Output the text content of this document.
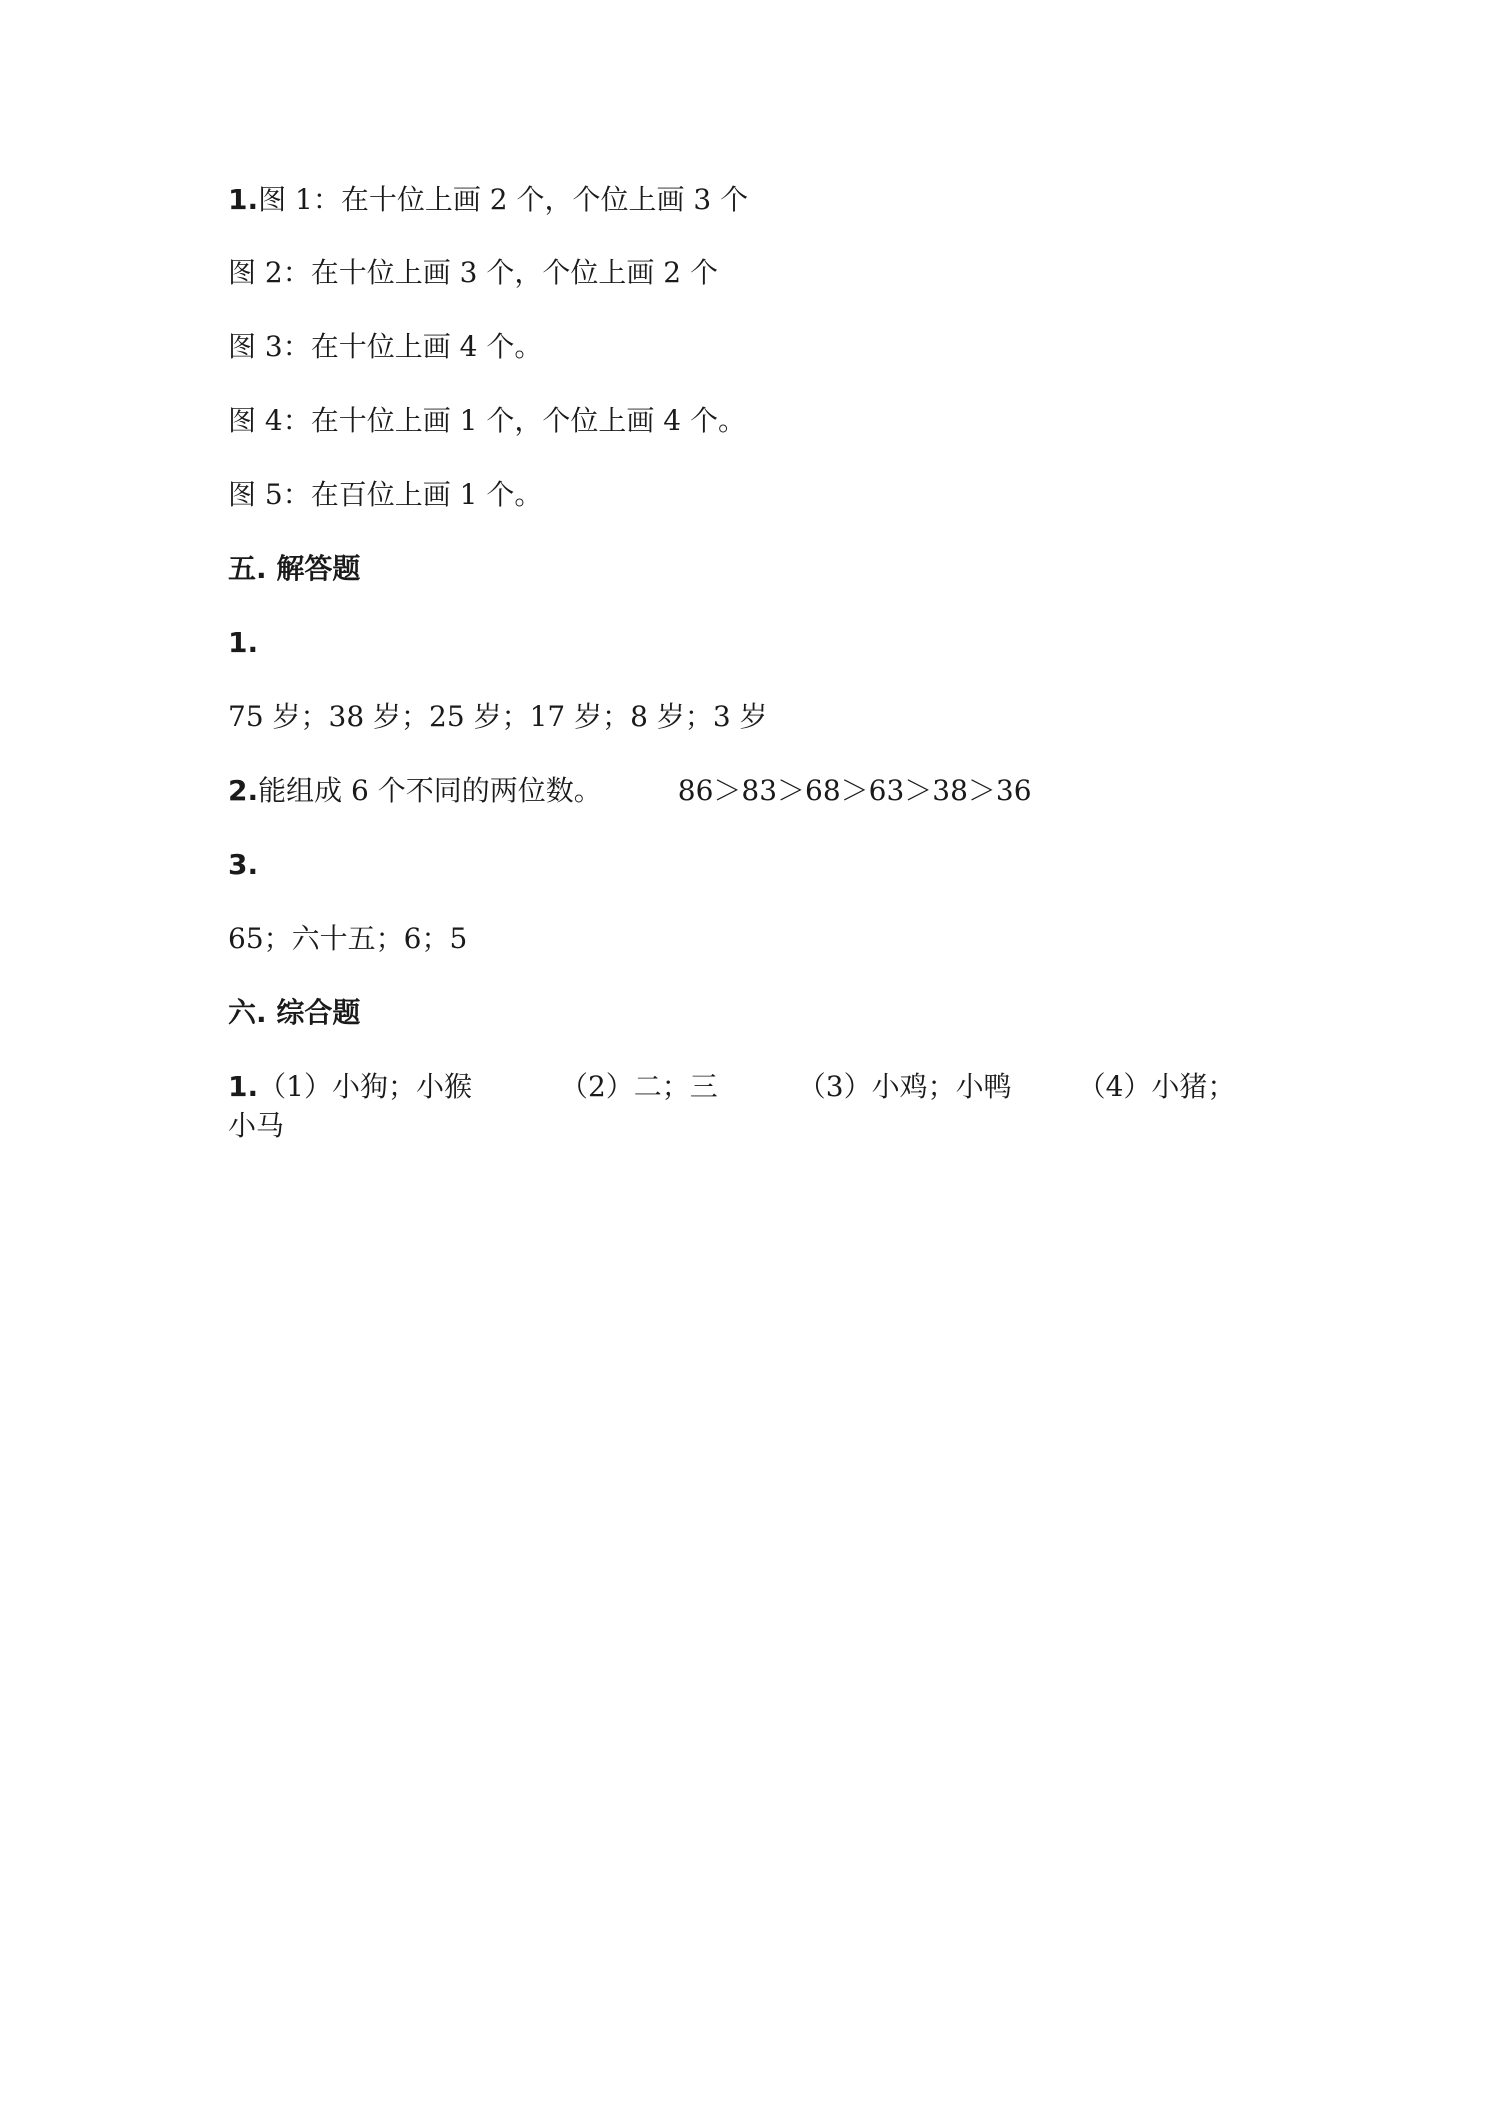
1.图 1：在十位上画 2 个，个位上画 3 个
图 2：在十位上画 3 个，个位上画 2 个
图 3：在十位上画 4 个。
图 4：在十位上画 1 个，个位上画 4 个。
图 5：在百位上画 1 个。
五. 解答题
1.
75 岁；38 岁；25 岁；17 岁；8 岁；3 岁
2.能组成 6 个不同的两位数。	86＞83＞68＞63＞38＞36
3.
65；六十五；6；5
六. 综合题
1.（1）小狗；小猴	（2）二；三	（3）小鸡；小鸭 （4）小猪；
小马
